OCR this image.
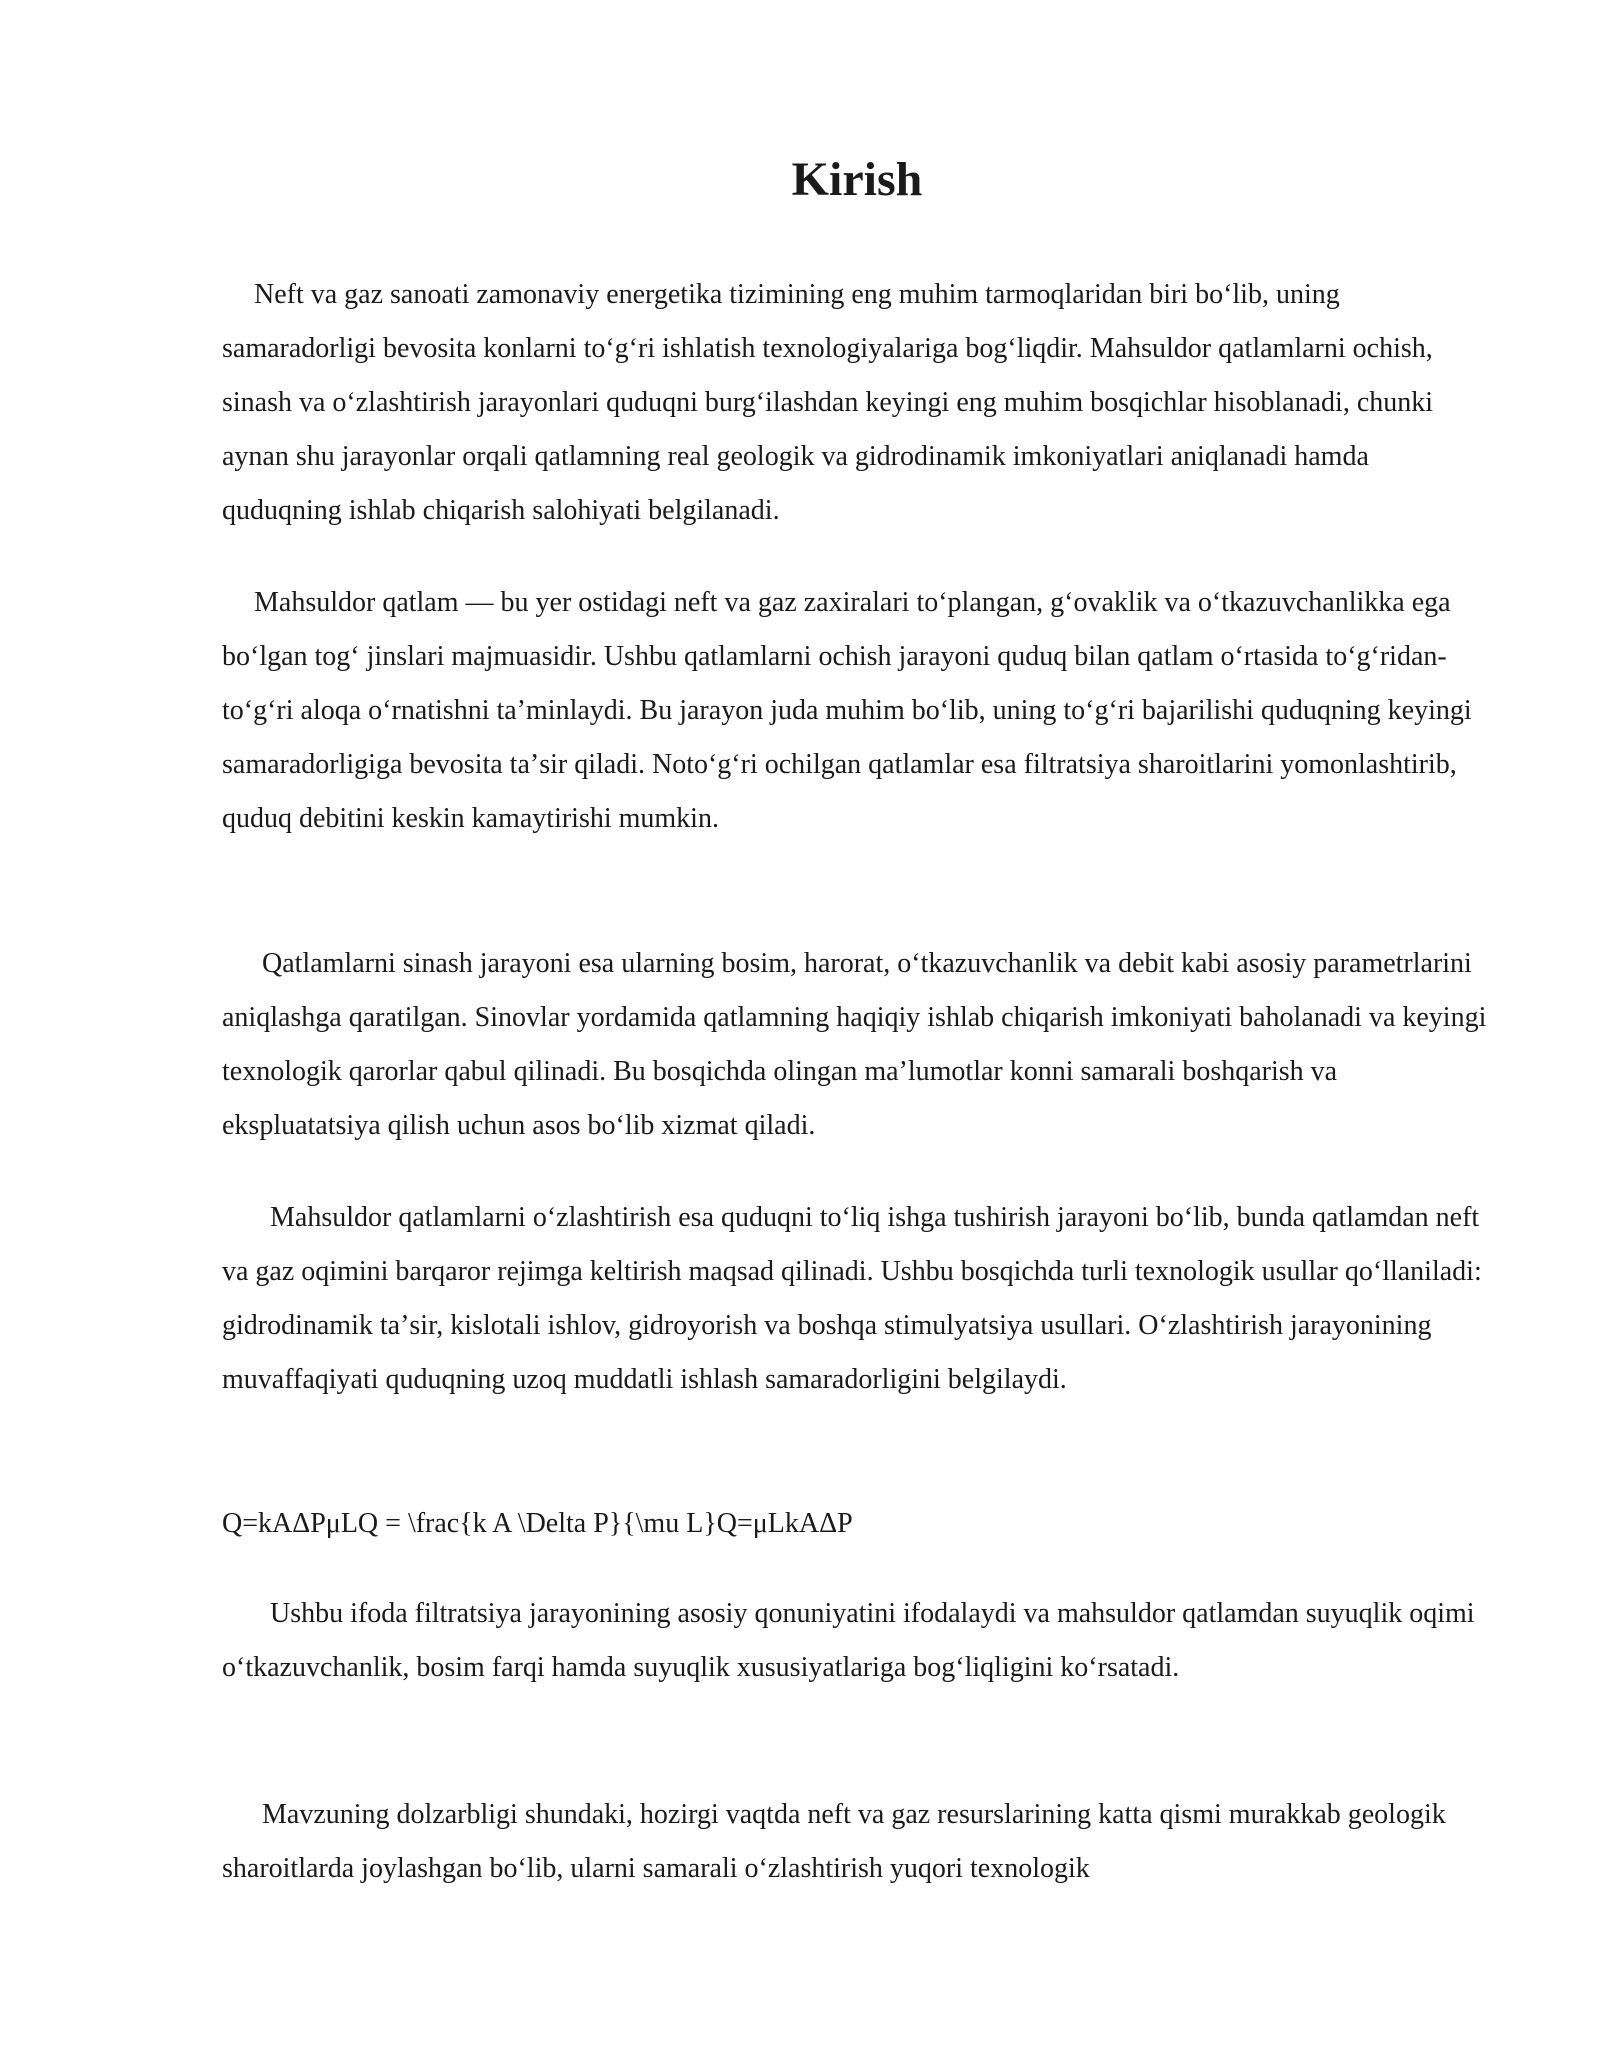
Kirish

Neft va gaz sanoati zamonaviy energetika tizimining eng muhim tarmoqlaridan biri boʻlib, uning samaradorligi bevosita konlarni toʻgʻri ishlatish texnologiyalariga bogʻliqdir. Mahsuldor qatlamlarni ochish, sinash va oʻzlashtirish jarayonlari quduqni burgʻilashdan keyingi eng muhim bosqichlar hisoblanadi, chunki aynan shu jarayonlar orqali qatlamning real geologik va gidrodinamik imkoniyatlari aniqlanadi hamda quduqning ishlab chiqarish salohiyati belgilanadi.

Mahsuldor qatlam — bu yer ostidagi neft va gaz zaxiralari toʻplangan, gʻovaklik va oʻtkazuvchanlikka ega boʻlgan togʻ jinslari majmuasidir. Ushbu qatlamlarni ochish jarayoni quduq bilan qatlam oʻrtasida toʻgʻridan-toʻgʻri aloqa oʻrnatishni taʼminlaydi. Bu jarayon juda muhim boʻlib, uning toʻgʻri bajarilishi quduqning keyingi samaradorligiga bevosita taʼsir qiladi. Notoʻgʻri ochilgan qatlamlar esa filtratsiya sharoitlarini yomonlashtirib, quduq debitini keskin kamaytirishi mumkin.

Qatlamlarni sinash jarayoni esa ularning bosim, harorat, oʻtkazuvchanlik va debit kabi asosiy parametrlarini aniqlashga qaratilgan. Sinovlar yordamida qatlamning haqiqiy ishlab chiqarish imkoniyati baholanadi va keyingi texnologik qarorlar qabul qilinadi. Bu bosqichda olingan maʼlumotlar konni samarali boshqarish va ekspluatatsiya qilish uchun asos boʻlib xizmat qiladi.

Mahsuldor qatlamlarni oʻzlashtirish esa quduqni toʻliq ishga tushirish jarayoni boʻlib, bunda qatlamdan neft va gaz oqimini barqaror rejimga keltirish maqsad qilinadi. Ushbu bosqichda turli texnologik usullar qoʻllaniladi: gidrodinamik taʼsir, kislotali ishlov, gidroyorish va boshqa stimulyatsiya usullari. Oʻzlashtirish jarayonining muvaffaqiyati quduqning uzoq muddatli ishlash samaradorligini belgilaydi.

Q=kAΔPμLQ = \frac{k A \Delta P}{\mu L}Q=μLkAΔP

Ushbu ifoda filtratsiya jarayonining asosiy qonuniyatini ifodalaydi va mahsuldor qatlamdan suyuqlik oqimi oʻtkazuvchanlik, bosim farqi hamda suyuqlik xususiyatlariga bogʻliqligini koʻrsatadi.

Mavzuning dolzarbligi shundaki, hozirgi vaqtda neft va gaz resurslarining katta qismi murakkab geologik sharoitlarda joylashgan boʻlib, ularni samarali oʻzlashtirish yuqori texnologik
